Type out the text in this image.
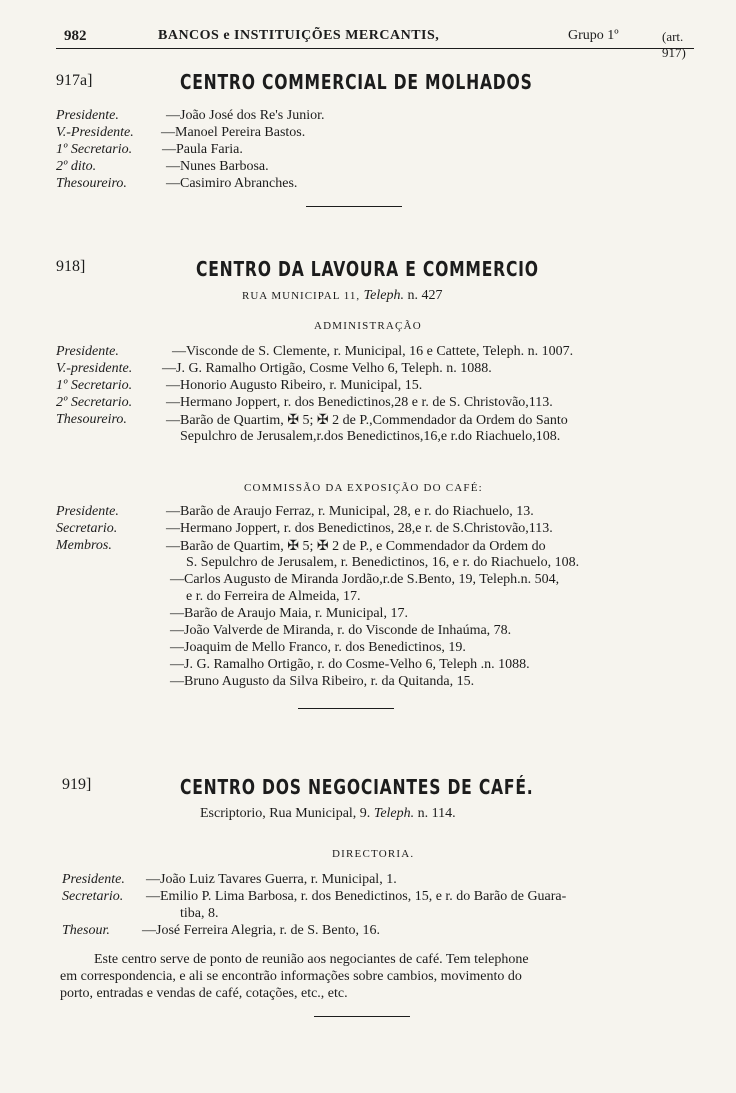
982	BANCOS e INSTITUIÇÕES MERCANTIS,	Grupo 1º	(art. 917)
917a]	CENTRO COMMERCIAL DE MOLHADOS
Presidente.	—João José dos Re's Junior.
V.-Presidente. —Manoel Pereira Bastos.
1º Secretario. —Paula Faria.
2º dito.	—Nunes Barbosa.
Thesoureiro.	—Casimiro Abranches.
918]	CENTRO DA LAVOURA E COMMERCIO
RUA MUNICIPAL 11, Teleph. n. 427
ADMINISTRAÇÃO
Presidente.	—Visconde de S. Clemente, r. Municipal, 16 e Cattete, Teleph. n. 1007.
V.-presidente. —J. G. Ramalho Ortigão, Cosme Velho 6, Teleph. n. 1088.
1º Secretario. —Honorio Augusto Ribeiro, r. Municipal, 15.
2º Secretario. —Hermano Joppert, r. dos Benedictinos,28 e r. de S. Christovão,113.
Thesoureiro.	—Barão de Quartim, ✠ 5; ✠ 2 de P.,Commendador da Ordem do Santo
Sepulchro de Jerusalem,r.dos Benedictinos,16,e r.do Riachuelo,108.
COMMISSÃO DA EXPOSIÇÃO DO CAFÉ:
Presidente.	—Barão de Araujo Ferraz, r. Municipal, 28, e r. do Riachuelo, 13.
Secretario.	—Hermano Joppert, r. dos Benedictinos, 28,e r. de S.Christovão,113.
Membros.	—Barão de Quartim, ✠ 5; ✠ 2 de P., e Commendador da Ordem do
S. Sepulchro de Jerusalem, r. Benedictinos, 16, e r. do Riachuelo, 108.
—Carlos Augusto de Miranda Jordão,r.de S.Bento, 19, Teleph.n. 504,
e r. do Ferreira de Almeida, 17.
—Barão de Araujo Maia, r. Municipal, 17.
—João Valverde de Miranda, r. do Visconde de Inhaúma, 78.
—Joaquim de Mello Franco, r. dos Benedictinos, 19.
—J. G. Ramalho Ortigão, r. do Cosme-Velho 6, Teleph .n. 1088.
—Bruno Augusto da Silva Ribeiro, r. da Quitanda, 15.
919]	CENTRO DOS NEGOCIANTES DE CAFÉ.
Escriptorio, Rua Municipal, 9. Teleph. n. 114.
DIRECTORIA.
Presidente. —João Luiz Tavares Guerra, r. Municipal, 1.
Secretario. —Emilio P. Lima Barbosa, r. dos Benedictinos, 15, e r. do Barão de Guara-
tiba, 8.
Thesour. —José Ferreira Alegria, r. de S. Bento, 16.
Este centro serve de ponto de reunião aos negociantes de café. Tem telephone
em correspondencia, e ali se encontrão informações sobre cambios, movimento do
porto, entradas e vendas de café, cotações, etc., etc.
